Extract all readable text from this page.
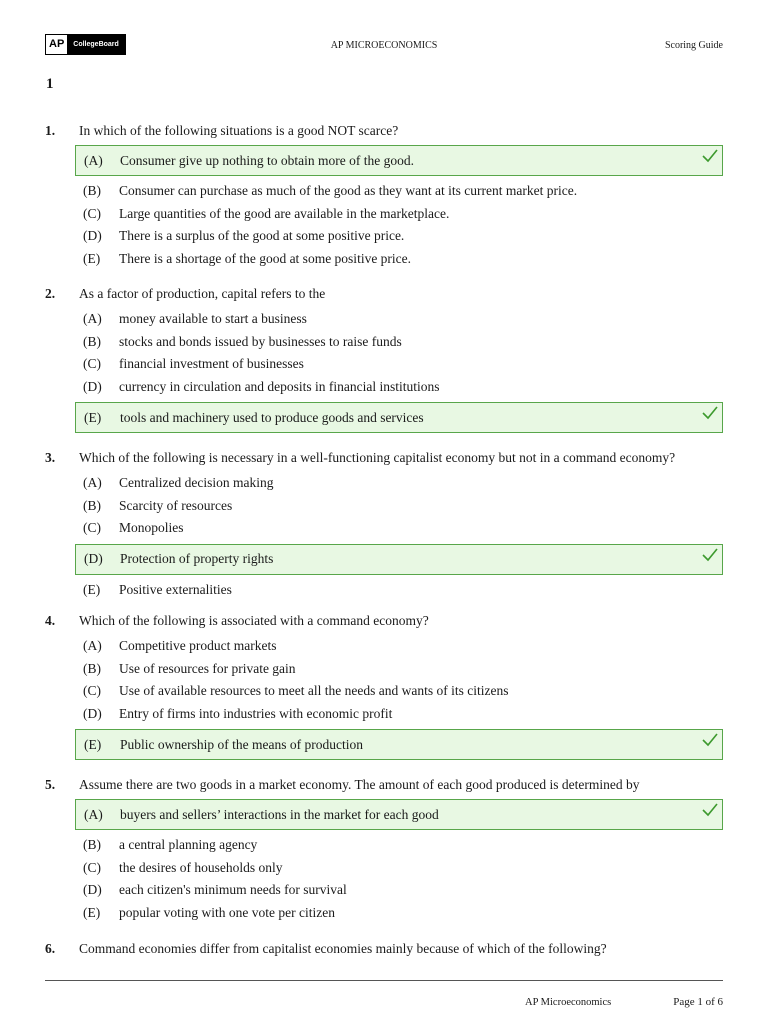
AP	CollegeBoard	AP MICROECONOMICS	Scoring Guide
1
1.	In which of the following situations is a good NOT scarce?
(A)	Consumer give up nothing to obtain more of the good.
(B)	Consumer can purchase as much of the good as they want at its current market price.
(C)	Large quantities of the good are available in the marketplace.
(D)	There is a surplus of the good at some positive price.
(E)	There is a shortage of the good at some positive price.
2.	As a factor of production, capital refers to the
(A)	money available to start a business
(B)	stocks and bonds issued by businesses to raise funds
(C)	financial investment of businesses
(D)	currency in circulation and deposits in financial institutions
(E)	tools and machinery used to produce goods and services
3.	Which of the following is necessary in a well-functioning capitalist economy but not in a command economy?
(A)	Centralized decision making
(B)	Scarcity of resources
(C)	Monopolies
(D)	Protection of property rights
(E)	Positive externalities
4.	Which of the following is associated with a command economy?
(A)	Competitive product markets
(B)	Use of resources for private gain
(C)	Use of available resources to meet all the needs and wants of its citizens
(D)	Entry of firms into industries with economic profit
(E)	Public ownership of the means of production
5.	Assume there are two goods in a market economy. The amount of each good produced is determined by
(A)	buyers and sellers’ interactions in the market for each good
(B)	a central planning agency
(C)	the desires of households only
(D)	each citizen's minimum needs for survival
(E)	popular voting with one vote per citizen
6.	Command economies differ from capitalist economies mainly because of which of the following?
AP Microeconomics	Page 1 of 6
